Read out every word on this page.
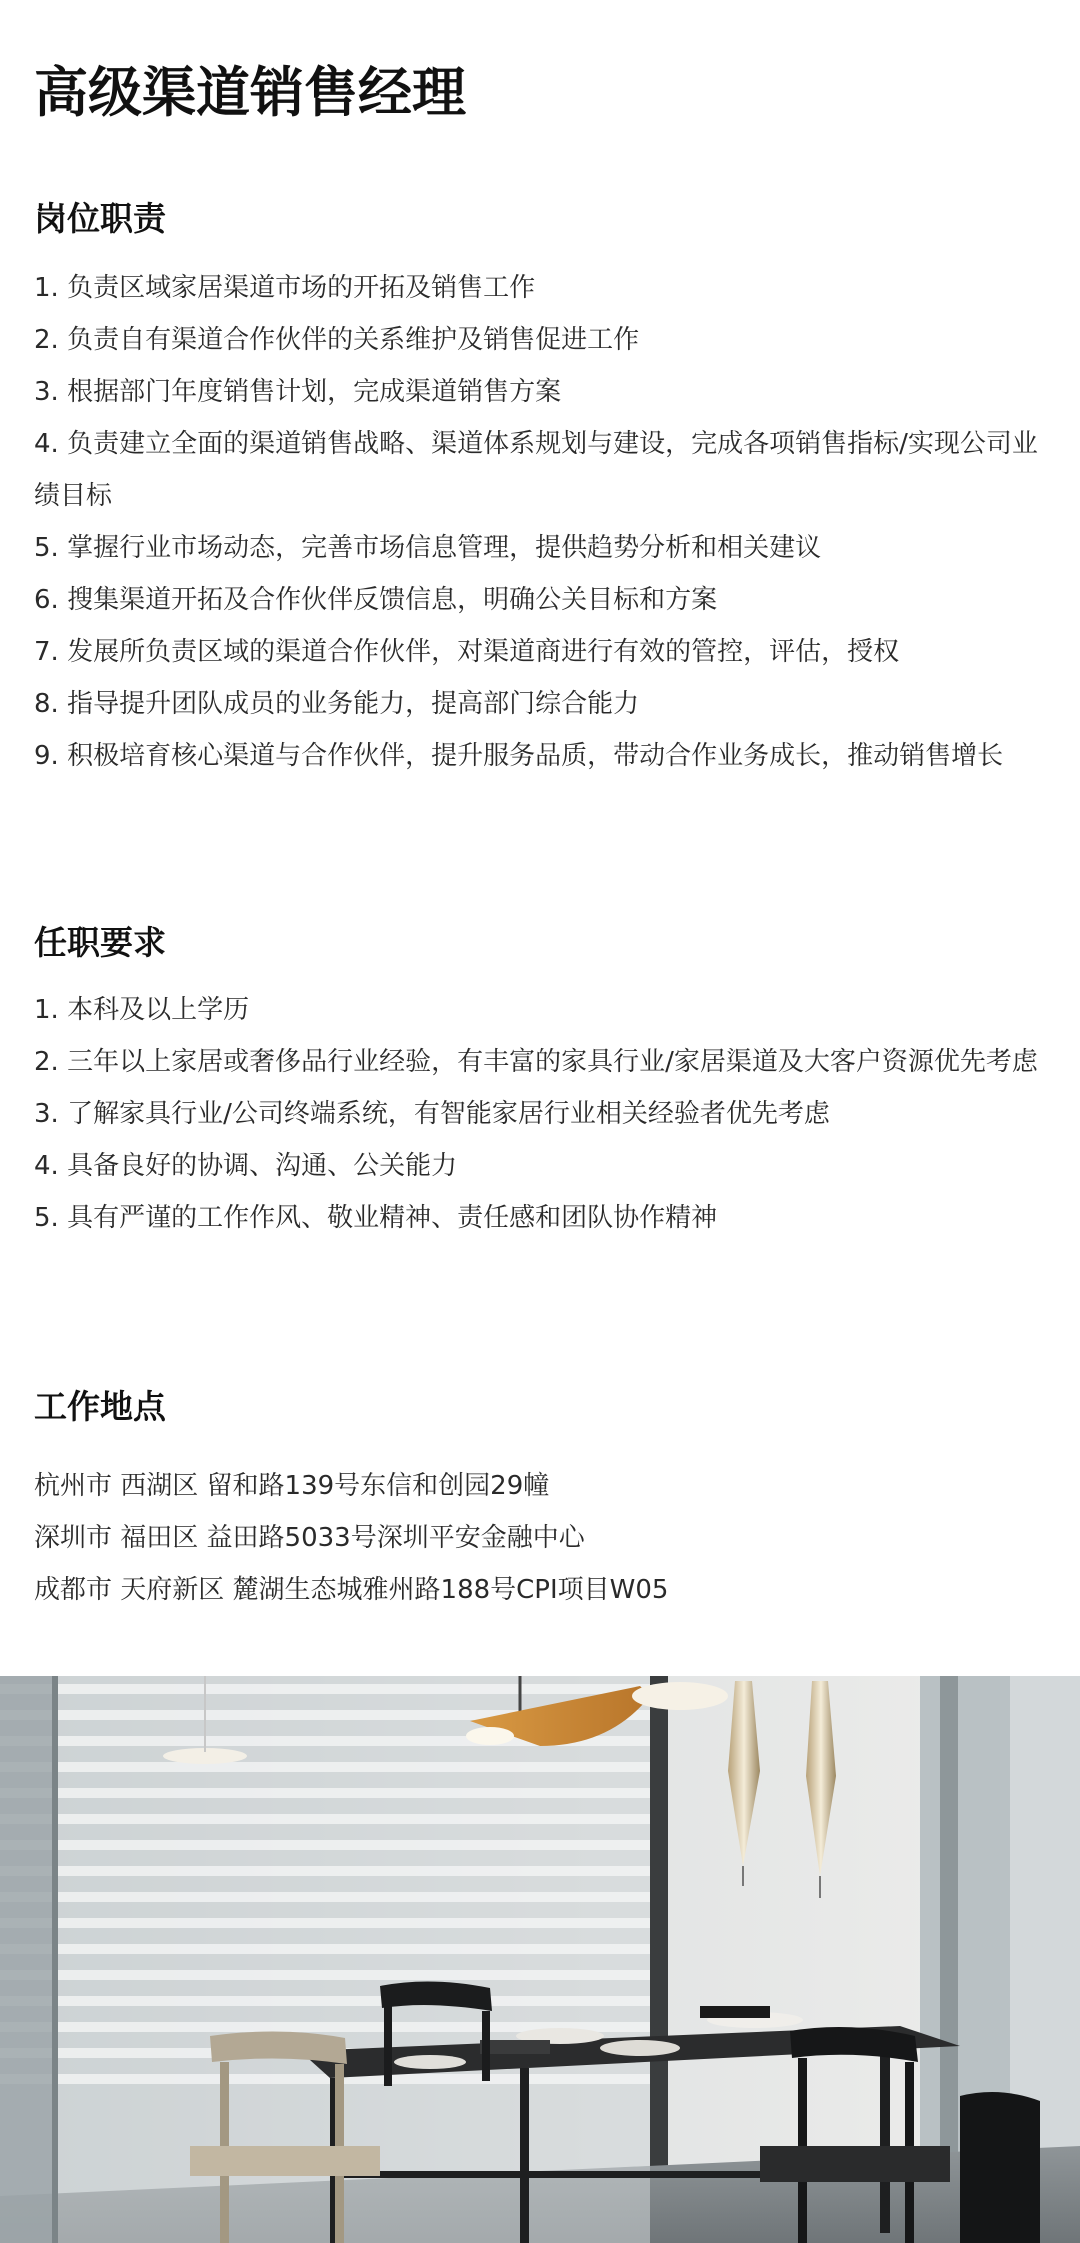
高级渠道销售经理
岗位职责
1. 负责区域家居渠道市场的开拓及销售工作
2. 负责自有渠道合作伙伴的关系维护及销售促进工作
3. 根据部门年度销售计划，完成渠道销售方案
4. 负责建立全面的渠道销售战略、渠道体系规划与建设，完成各项销售指标/实现公司业绩目标
5. 掌握行业市场动态，完善市场信息管理，提供趋势分析和相关建议
6. 搜集渠道开拓及合作伙伴反馈信息，明确公关目标和方案
7. 发展所负责区域的渠道合作伙伴，对渠道商进行有效的管控，评估，授权
8. 指导提升团队成员的业务能力，提高部门综合能力
9. 积极培育核心渠道与合作伙伴，提升服务品质，带动合作业务成长，推动销售增长
任职要求
1. 本科及以上学历
2. 三年以上家居或奢侈品行业经验，有丰富的家具行业/家居渠道及大客户资源优先考虑
3. 了解家具行业/公司终端系统，有智能家居行业相关经验者优先考虑
4. 具备良好的协调、沟通、公关能力
5. 具有严谨的工作作风、敬业精神、责任感和团队协作精神
工作地点
杭州市 西湖区 留和路139号东信和创园29幢
深圳市 福田区 益田路5033号深圳平安金融中心
成都市 天府新区 麓湖生态城雅州路188号CPI项目W05
